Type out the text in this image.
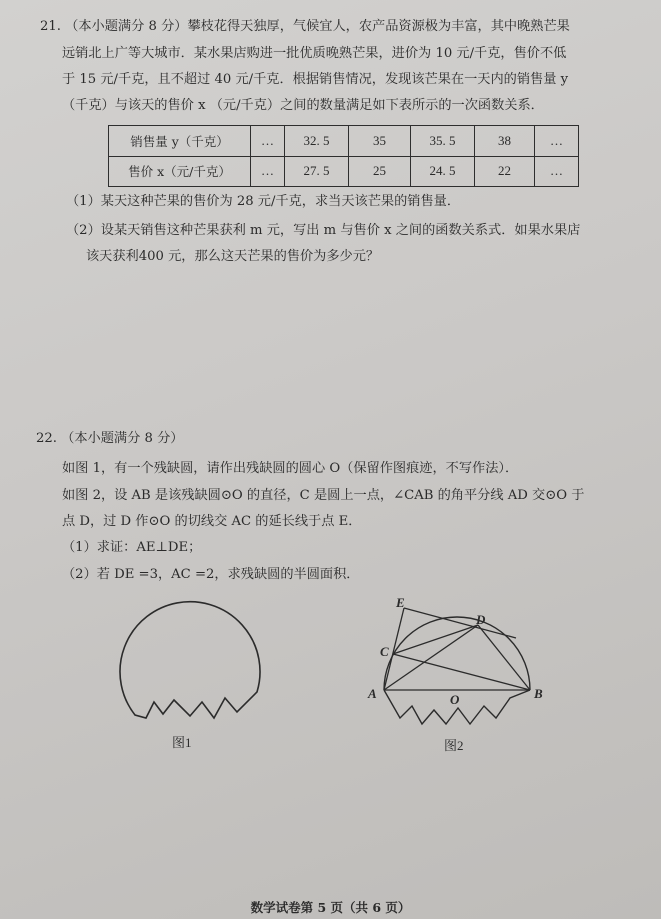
21. （本小题满分 8 分）攀枝花得天独厚，气候宜人，农产品资源极为丰富，其中晚熟芒果
远销北上广等大城市．某水果店购进一批优质晚熟芒果，进价为 10 元/千克，售价不低
于 15 元/千克，且不超过 40 元/千克．根据销售情况，发现该芒果在一天内的销售量 y
（千克）与该天的售价 x （元/千克）之间的数量满足如下表所示的一次函数关系．
销售量 y（千克）	…	32. 5	35	35. 5	38	…
售价 x（元/千克）	…	27. 5	25	24. 5	22	…
（1）某天这种芒果的售价为 28 元/千克，求当天该芒果的销售量．
（2）设某天销售这种芒果获利 m 元，写出 m 与售价 x 之间的函数关系式．如果水果店
该天获利400 元，那么这天芒果的售价为多少元？
22. （本小题满分 8 分）
如图 1，有一个残缺圆，请作出残缺圆的圆心 O（保留作图痕迹，不写作法）．
如图 2，设 AB 是该残缺圆⊙O 的直径，C 是圆上一点，∠CAB 的角平分线 AD 交⊙O 于
点 D，过 D 作⊙O 的切线交 AC 的延长线于点 E．
（1）求证：AE⊥DE；
（2）若 DE =3，AC =2，求残缺圆的半圆面积．
图1
E
D
C
A	O	B
图2
数学试卷第 5 页（共 6 页）
